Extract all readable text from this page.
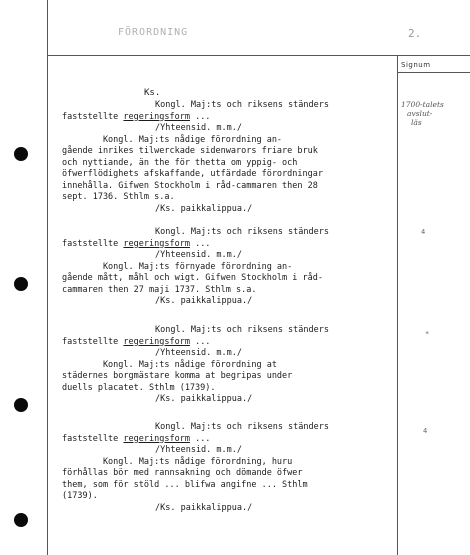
FÖRORDNING	2.
Signum
1700-talets
avslut-
läs
4
*
4
Ks.
Kongl. Maj:ts och riksens ständers
faststellte regeringsform ...
/Yhteensid. m.m./
Kongl. Maj:ts nådige förordning an-
gående inrikes tilwerckade sidenwarors friare bruk
och nyttiande, än the för thetta om yppig- och
öfwerflödighets afskaffande, utfärdade förordningar
innehålla. Gifwen Stockholm i råd-cammaren then 28
sept. 1736. Sthlm s.a.
/Ks. paikkalippua./
Kongl. Maj:ts och riksens ständers
faststellte regeringsform ...
/Yhteensid. m.m./
Kongl. Maj:ts förnyade förordning an-
gående mått, måhl och wigt. Gifwen Stockholm i råd-
cammaren then 27 maji 1737. Sthlm s.a.
/Ks. paikkalippua./
Kongl. Maj:ts och riksens ständers
faststellte regeringsform ...
/Yhteensid. m.m./
Kongl. Maj:ts nådige förordning at
städernes borgmästare komma at begripas under
duells placatet. Sthlm (1739).
/Ks. paikkalippua./
Kongl. Maj:ts och riksens ständers
faststellte regeringsform ...
/Yhteensid. m.m./
Kongl. Maj:ts nådige förordning, huru
förhållas bör med rannsakning och dömande öfwer
them, som för stöld ... blifwa angifne ... Sthlm
(1739).
/Ks. paikkalippua./
